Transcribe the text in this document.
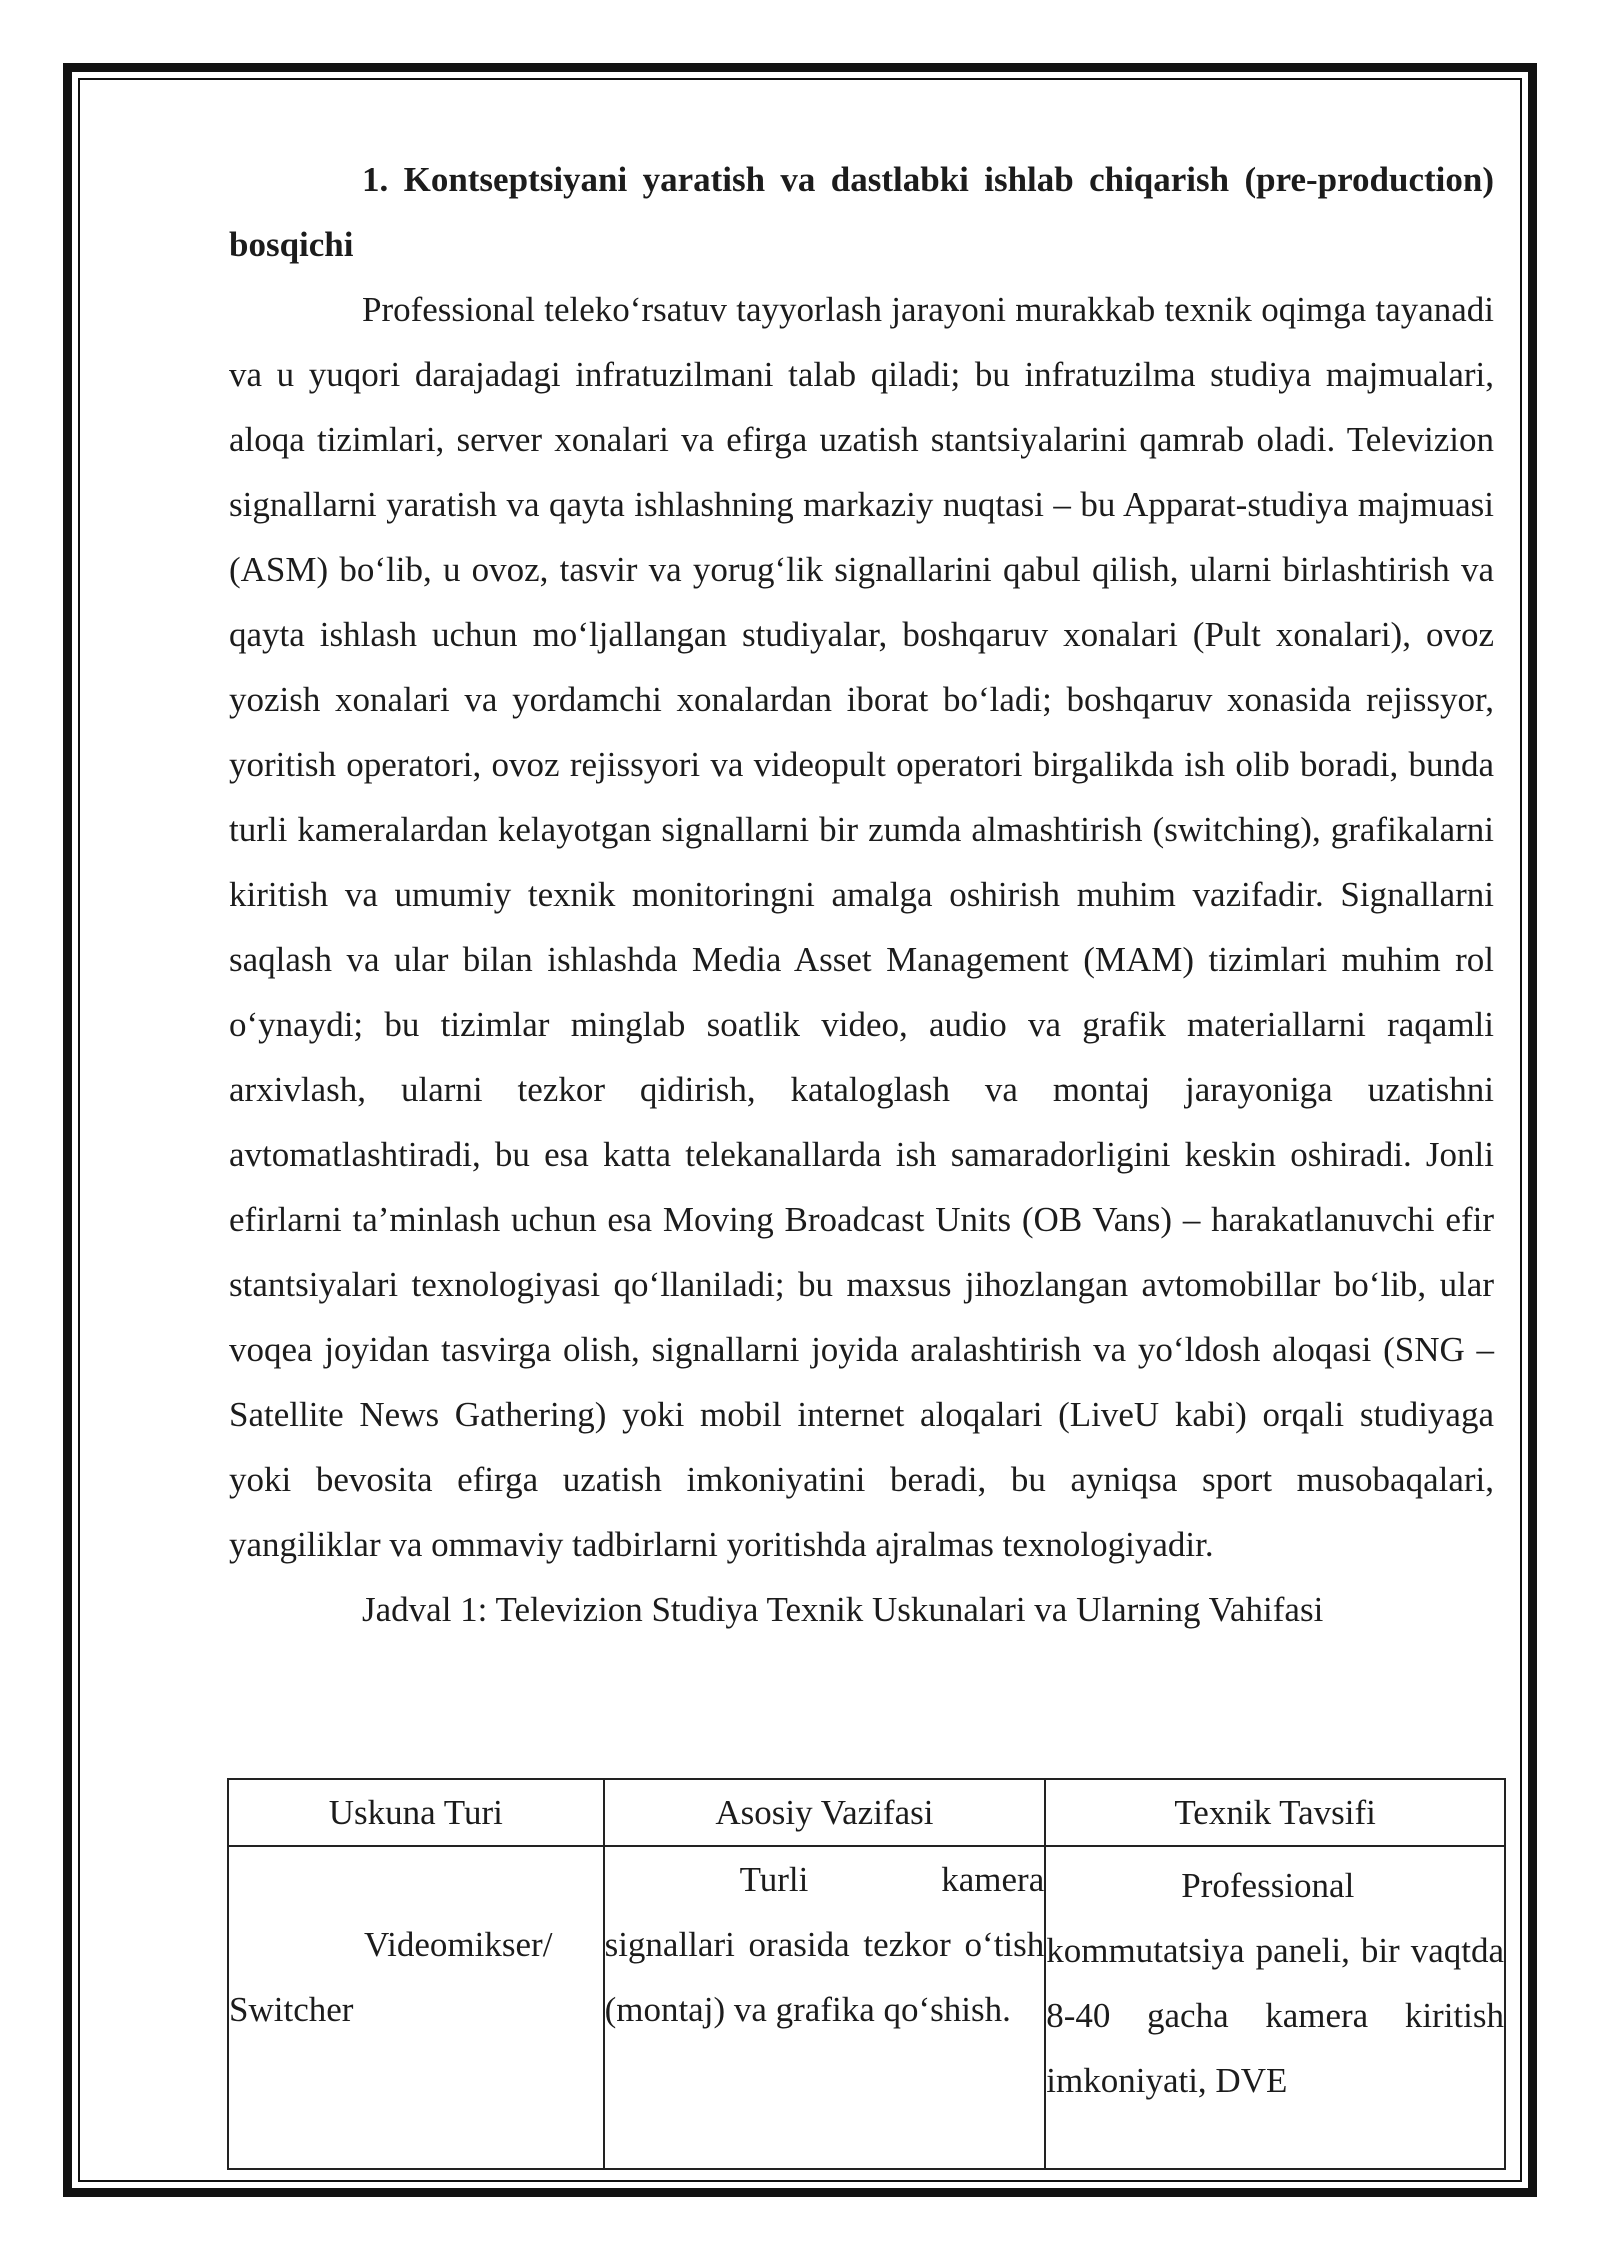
1. Kontseptsiyani yaratish va dastlabki ishlab chiqarish (pre-production) bosqichi

Professional teleko‘rsatuv tayyorlash jarayoni murakkab texnik oqimga tayanadi va u yuqori darajadagi infratuzilmani talab qiladi; bu infratuzilma studiya majmualari, aloqa tizimlari, server xonalari va efirga uzatish stantsiyalarini qamrab oladi. Televizion signallarni yaratish va qayta ishlashning markaziy nuqtasi – bu Apparat-studiya majmuasi (ASM) bo‘lib, u ovoz, tasvir va yorug‘lik signallarini qabul qilish, ularni birlashtirish va qayta ishlash uchun mo‘ljallangan studiyalar, boshqaruv xonalari (Pult xonalari), ovoz yozish xonalari va yordamchi xonalardan iborat bo‘ladi; boshqaruv xonasida rejissyor, yoritish operatori, ovoz rejissyori va videopult operatori birgalikda ish olib boradi, bunda turli kameralardan kelayotgan signallarni bir zumda almashtirish (switching), grafikalarni kiritish va umumiy texnik monitoringni amalga oshirish muhim vazifadir. Signallarni saqlash va ular bilan ishlashda Media Asset Management (MAM) tizimlari muhim rol o‘ynaydi; bu tizimlar minglab soatlik video, audio va grafik materiallarni raqamli arxivlash, ularni tezkor qidirish, kataloglash va montaj jarayoniga uzatishni avtomatlashtiradi, bu esa katta telekanallarda ish samaradorligini keskin oshiradi. Jonli efirlarni ta’minlash uchun esa Moving Broadcast Units (OB Vans) – harakatlanuvchi efir stantsiyalari texnologiyasi qo‘llaniladi; bu maxsus jihozlangan avtomobillar bo‘lib, ular voqea joyidan tasvirga olish, signallarni joyida aralashtirish va yo‘ldosh aloqasi (SNG – Satellite News Gathering) yoki mobil internet aloqalari (LiveU kabi) orqali studiyaga yoki bevosita efirga uzatish imkoniyatini beradi, bu ayniqsa sport musobaqalari, yangiliklar va ommaviy tadbirlarni yoritishda ajralmas texnologiyadir.

Jadval 1: Televizion Studiya Texnik Uskunalari va Ularning Vahifasi

Uskuna Turi	Asosiy Vazifasi	Texnik Tavsifi
Videomikser/ Switcher	Turli kamera signallari orasida tezkor o‘tish (montaj) va grafika qo‘shish.	Professional kommutatsiya paneli, bir vaqtda 8-40 gacha kamera kiritish imkoniyati, DVE
